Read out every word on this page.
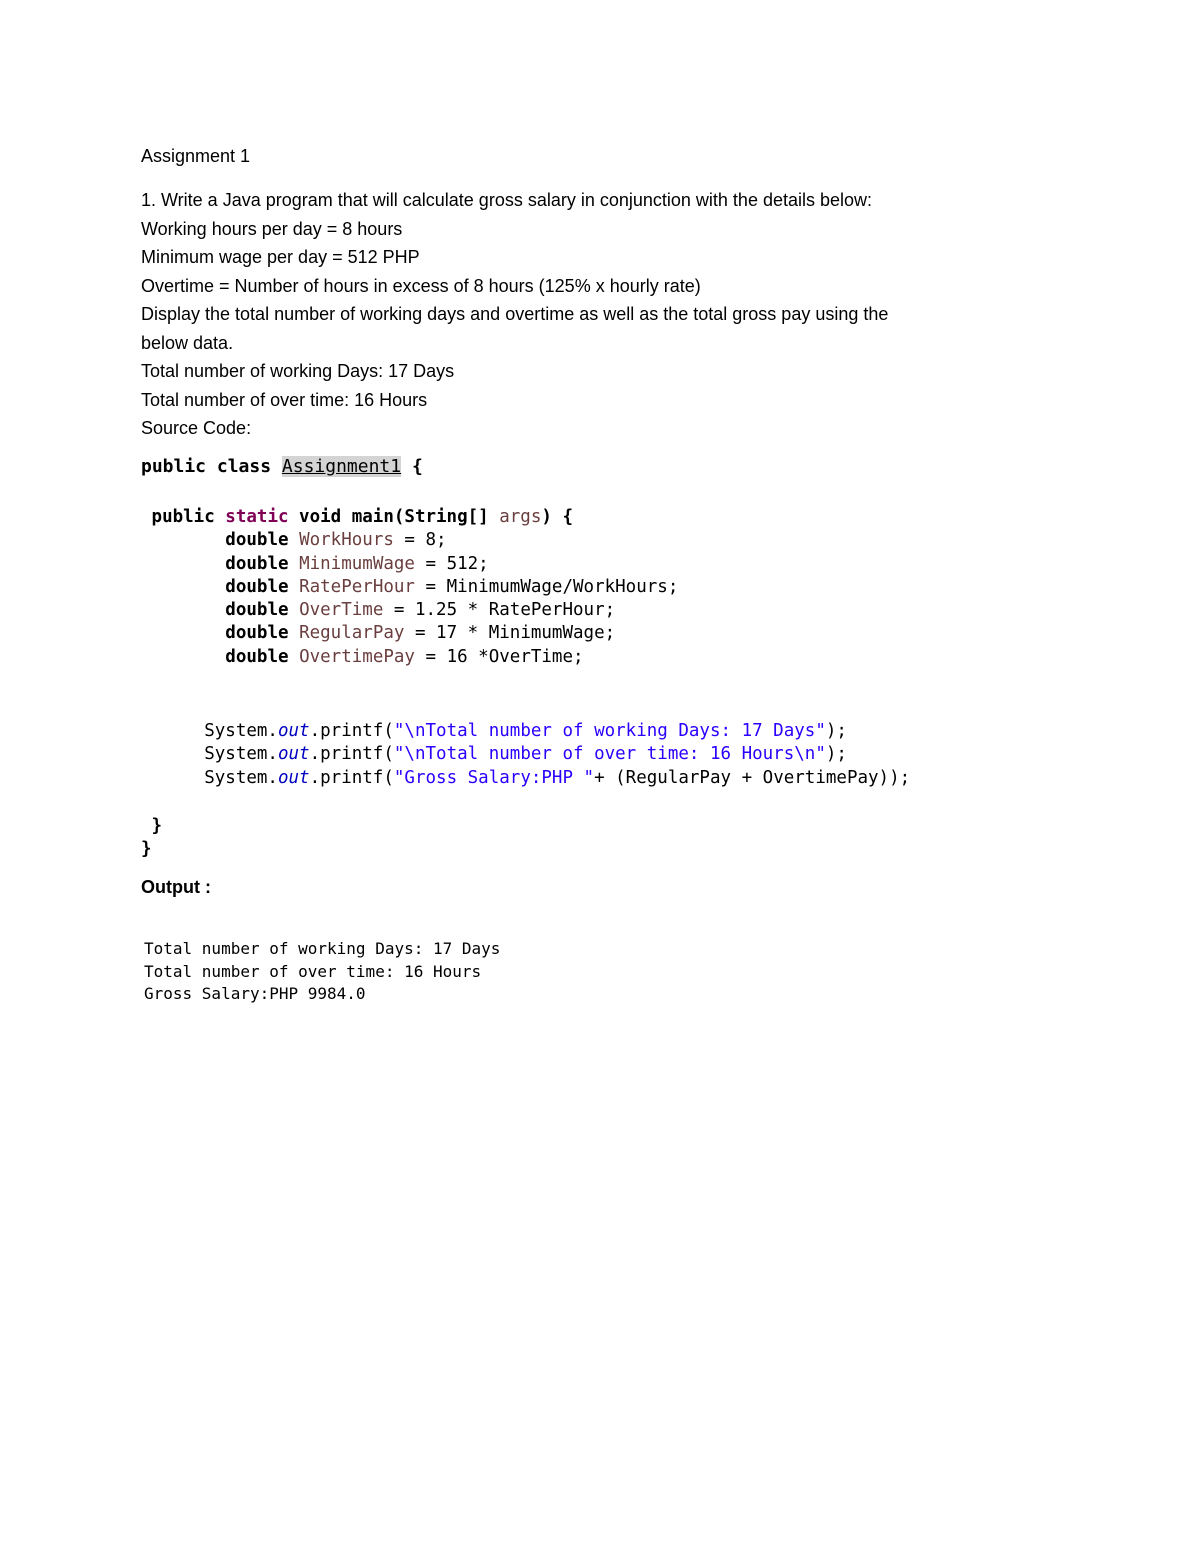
Assignment 1
1. Write a Java program that will calculate gross salary in conjunction with the details below:
Working hours per day = 8 hours
Minimum wage per day = 512 PHP
Overtime = Number of hours in excess of 8 hours (125% x hourly rate)
Display the total number of working days and overtime as well as the total gross pay using the
below data.
Total number of working Days: 17 Days
Total number of over time: 16 Hours
Source Code:
public class Assignment1 {
public static void main(String[] args) {
double WorkHours = 8;
double MinimumWage = 512;
double RatePerHour = MinimumWage/WorkHours;
double OverTime = 1.25 * RatePerHour;
double RegularPay = 17 * MinimumWage;
double OvertimePay = 16 *OverTime;
System.out.printf("\nTotal number of working Days: 17 Days");
System.out.printf("\nTotal number of over time: 16 Hours\n");
System.out.printf("Gross Salary:PHP "+ (RegularPay + OvertimePay));
}
}
Output :
Total number of working Days: 17 Days
Total number of over time: 16 Hours
Gross Salary:PHP 9984.0
